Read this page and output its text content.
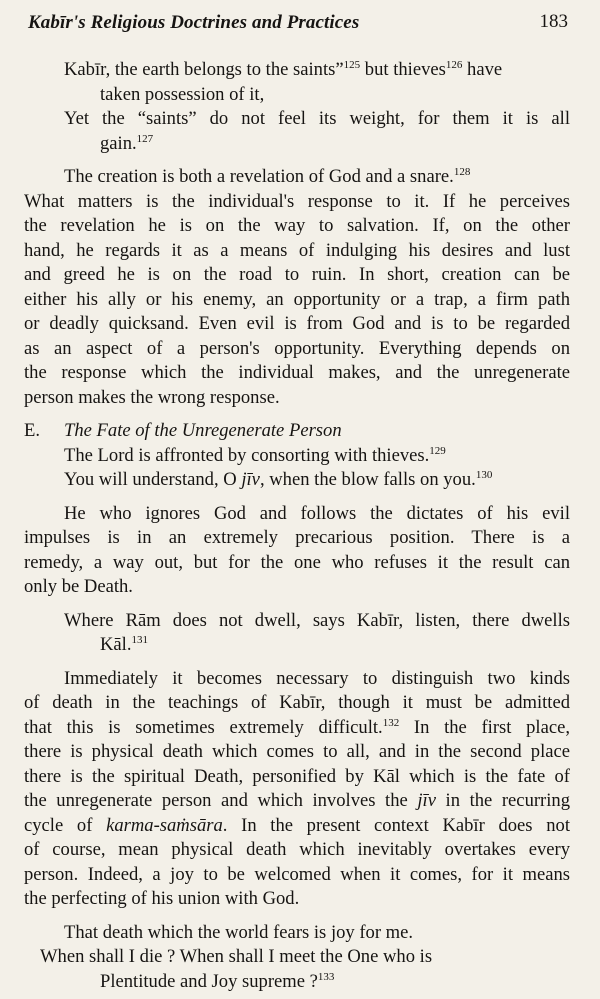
Kabīr's Religious Doctrines and Practices	183
Kabīr, the earth belongs to the saints”$^{125}$ but thieves$^{126}$ have
taken possession of it,
Yet the “saints” do not feel its weight, for them it is all
gain.$^{127}$
The creation is both a revelation of God and a snare.$^{128}$
What matters is the individual's response to it. If he perceives
the revelation he is on the way to salvation. If, on the other
hand, he regards it as a means of indulging his desires and lust
and greed he is on the road to ruin. In short, creation can be
either his ally or his enemy, an opportunity or a trap, a firm path
or deadly quicksand. Even evil is from God and is to be regarded
as an aspect of a person's opportunity. Everything depends on
the response which the individual makes, and the unregenerate
person makes the wrong response.
E. The Fate of the Unregenerate Person
The Lord is affronted by consorting with thieves.$^{129}$
You will understand, O jīv, when the blow falls on you.$^{130}$
He who ignores God and follows the dictates of his evil
impulses is in an extremely precarious position. There is a
remedy, a way out, but for the one who refuses it the result can
only be Death.
Where Rām does not dwell, says Kabīr, listen, there dwells
Kāl.$^{131}$
Immediately it becomes necessary to distinguish two kinds
of death in the teachings of Kabīr, though it must be admitted
that this is sometimes extremely difficult.$^{132}$ In the first place,
there is physical death which comes to all, and in the second place
there is the spiritual Death, personified by Kāl which is the fate of
the unregenerate person and which involves the jīv in the recurring
cycle of karma-saṁsāra. In the present context Kabīr does not
of course, mean physical death which inevitably overtakes every
person. Indeed, a joy to be welcomed when it comes, for it means
the perfecting of his union with God.
That death which the world fears is joy for me.
When shall I die ? When shall I meet the One who is
Plentitude and Joy supreme ?$^{133}$
